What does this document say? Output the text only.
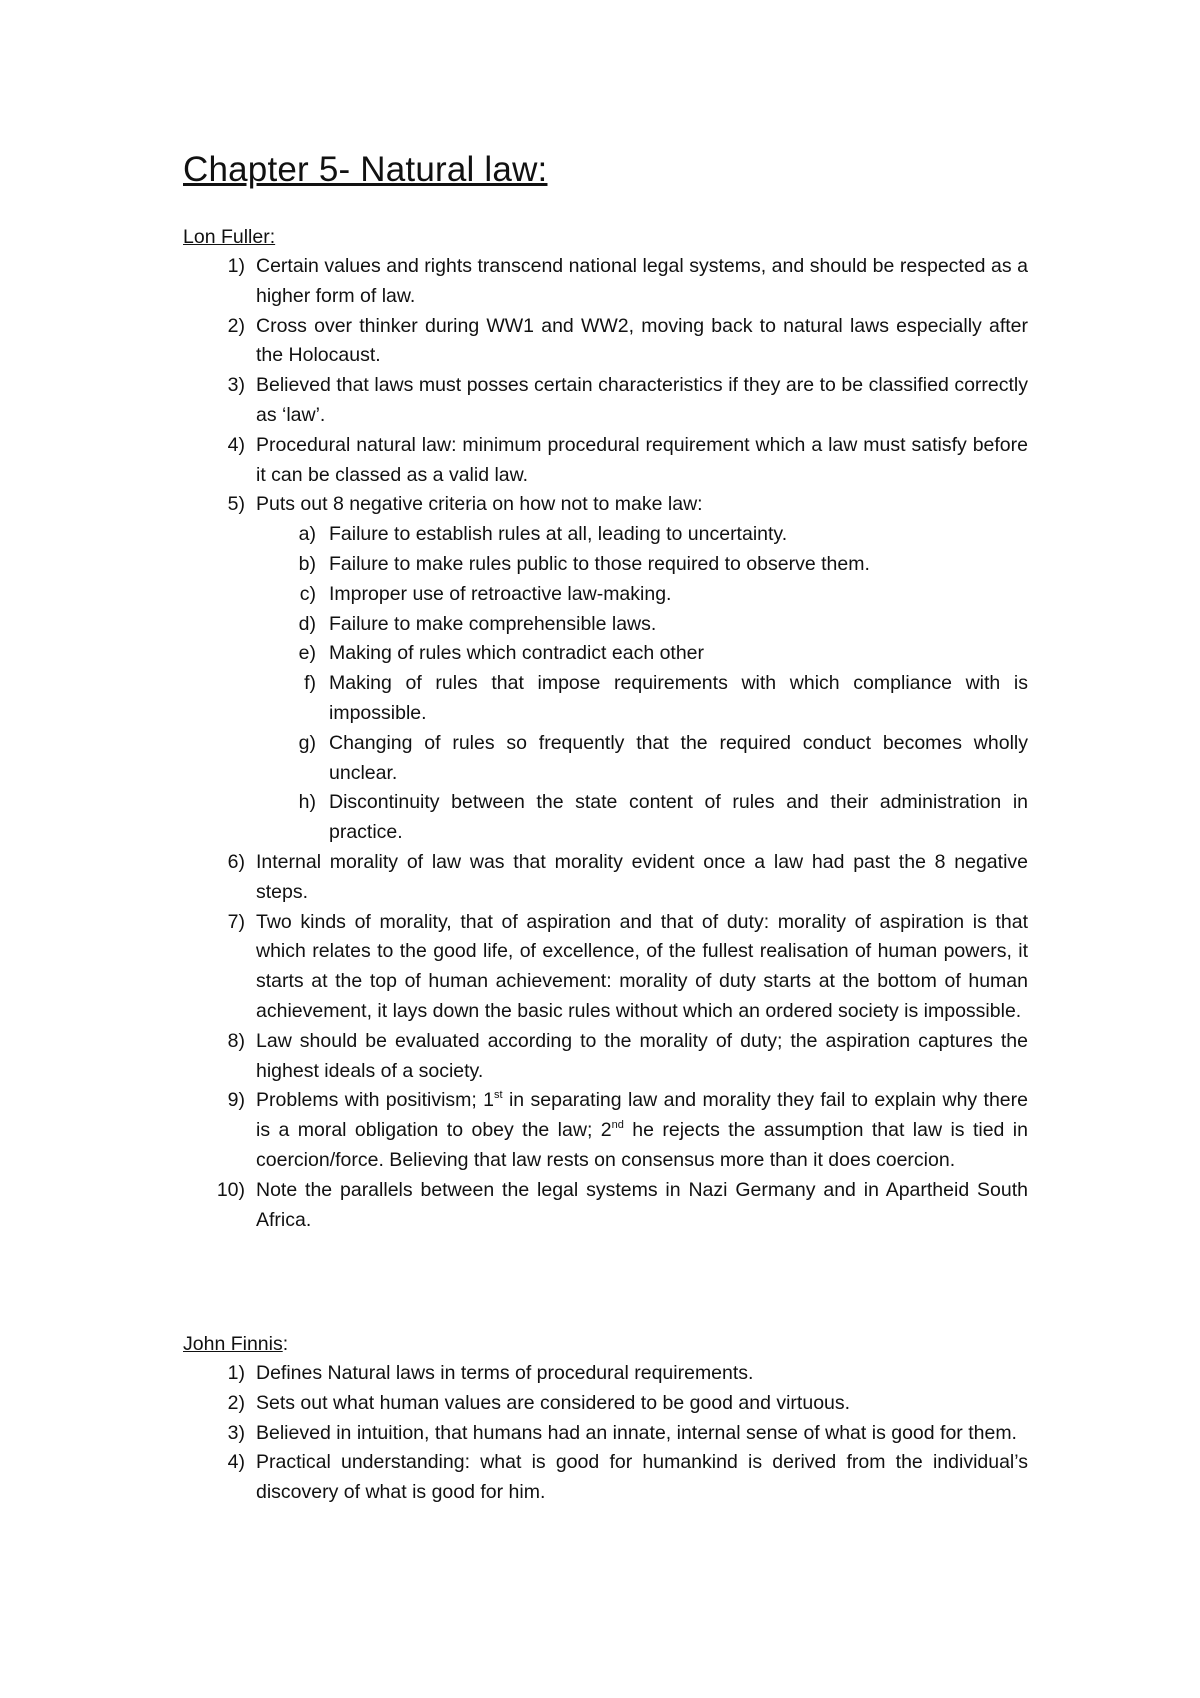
Chapter 5- Natural law:

Lon Fuller:

1) Certain values and rights transcend national legal systems, and should be respected as a higher form of law.
2) Cross over thinker during WW1 and WW2, moving back to natural laws especially after the Holocaust.
3) Believed that laws must posses certain characteristics if they are to be classified correctly as ‘law’.
4) Procedural natural law: minimum procedural requirement which a law must satisfy before it can be classed as a valid law.
5) Puts out 8 negative criteria on how not to make law:
a) Failure to establish rules at all, leading to uncertainty.
b) Failure to make rules public to those required to observe them.
c) Improper use of retroactive law-making.
d) Failure to make comprehensible laws.
e) Making of rules which contradict each other
f) Making of rules that impose requirements with which compliance with is impossible.
g) Changing of rules so frequently that the required conduct becomes wholly unclear.
h) Discontinuity between the state content of rules and their administration in practice.
6) Internal morality of law was that morality evident once a law had past the 8 negative steps.
7) Two kinds of morality, that of aspiration and that of duty: morality of aspiration is that which relates to the good life, of excellence, of the fullest realisation of human powers, it starts at the top of human achievement: morality of duty starts at the bottom of human achievement, it lays down the basic rules without which an ordered society is impossible.
8) Law should be evaluated according to the morality of duty; the aspiration captures the highest ideals of a society.
9) Problems with positivism; 1st in separating law and morality they fail to explain why there is a moral obligation to obey the law; 2nd he rejects the assumption that law is tied in coercion/force. Believing that law rests on consensus more than it does coercion.
10) Note the parallels between the legal systems in Nazi Germany and in Apartheid South Africa.

John Finnis:

1) Defines Natural laws in terms of procedural requirements.
2) Sets out what human values are considered to be good and virtuous.
3) Believed in intuition, that humans had an innate, internal sense of what is good for them.
4) Practical understanding: what is good for humankind is derived from the individual’s discovery of what is good for him.
